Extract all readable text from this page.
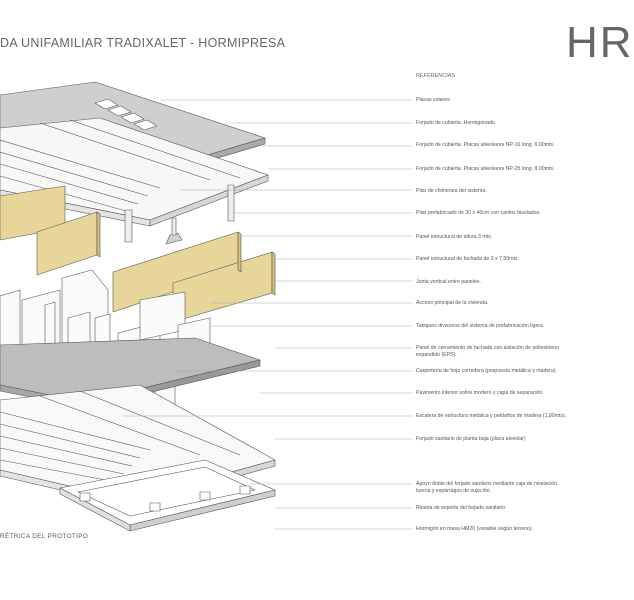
DA UNIFAMILIAR TRADIXALET - HORMIPRESA	HR
RÉTRICA DEL PROTOTIPO
REFERENCIAS
Placas solares
Forjado de cubierta. Hormigonado.
Forjado de cubierta. Placas alveolares NP-16 long. 6,00mts.
Forjado de cubierta. Placas alveolares NP-25 long. 9,00mts.
Pilar de chimenea del sistema.
Pilar prefabricado de 30 x 40cm con cantos biselados.
Panel estructural de altura 3 mts.
Panel estructural de fachada de 3 x 7,50mts.
Junta vertical entre paneles.
Acceso principal de la vivienda.
Tabiques divisorios del sistema de prefabricación ligera.
Panel de cerramiento de fachada con aislación de poliestireno
expandido (EPS).
Carpintería de hoja corredera (propuesta metálica y madera).
Pavimento interior sobre mortero y capa de separación.
Escalera de estructura metálica y peldaños de madera (1,80mts).
Forjado sanitario de planta baja (placa alveolar)
Apoyo doble del forjado sanitario mediante caja de nivelación,
tuerca y espárragos de sujeción.
Riostra de soporte del forjado sanitario.
Hormigón en masa HM20 (variable según terreno).
